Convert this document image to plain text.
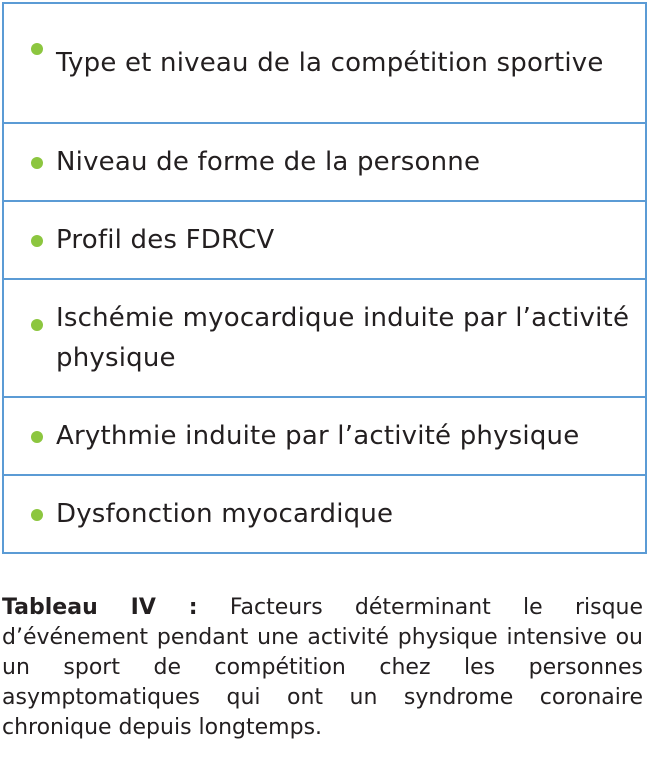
Type et niveau de la compétition sportive
Niveau de forme de la personne
Profil des FDRCV
Ischémie myocardique induite par l’activité physique
Arythmie induite par l’activité physique
Dysfonction myocardique
Tableau IV : Facteurs déterminant le risque d’événement pendant une activité physique intensive ou un sport de compétition chez les personnes asymptomatiques qui ont un syndrome coronaire chronique depuis longtemps.
